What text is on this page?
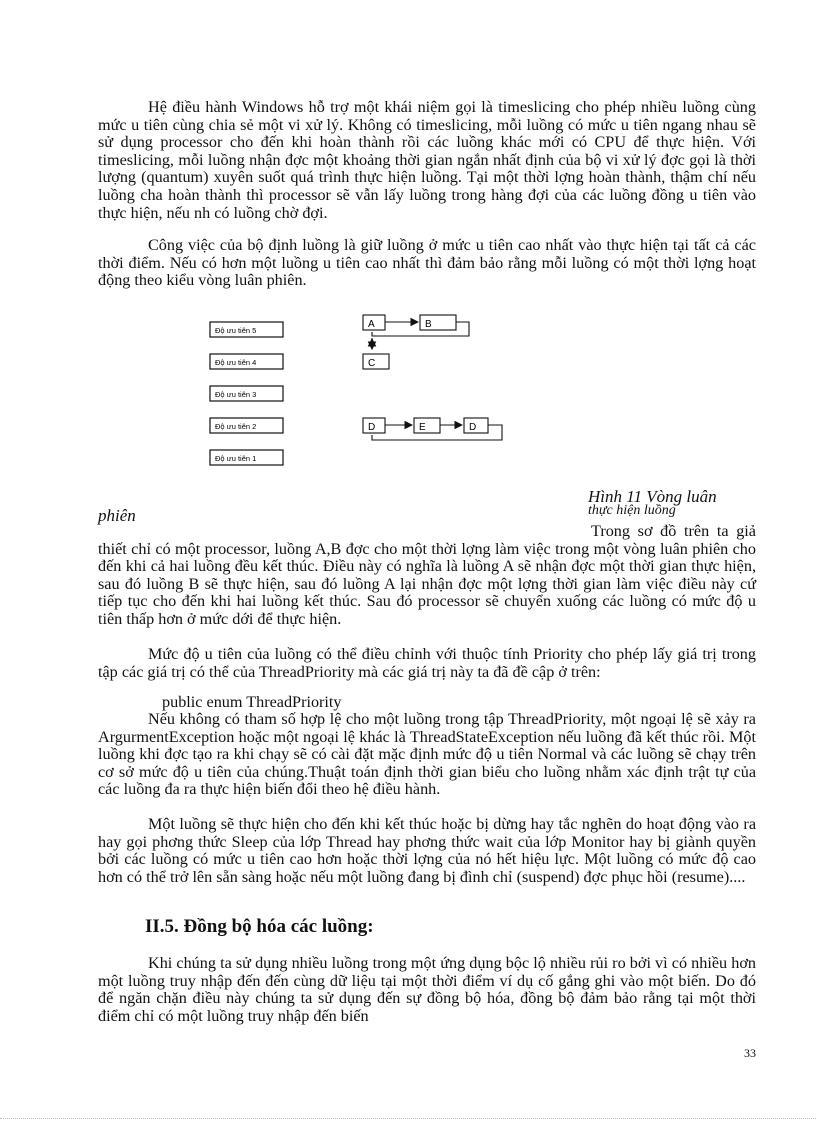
Hệ điều hành Windows hỗ trợ một khái niệm gọi là timeslicing cho phép nhiều luồng cùng mức u tiên cùng chia sẻ một vi xử lý. Không có timeslicing, mỗi luồng có mức u tiên ngang nhau sẽ sử dụng processor cho đến khi hoàn thành rồi các luồng khác mới có CPU để thực hiện. Với timeslicing, mỗi luồng nhận đợc một khoảng thời gian ngắn nhất định của bộ vi xử lý đợc gọi là thời lượng (quantum) xuyên suốt quá trình thực hiện luồng. Tại một thời lợng hoàn thành, thậm chí nếu luồng cha hoàn thành thì processor sẽ vẫn lấy luồng trong hàng đợi của các luồng đồng u tiên vào thực hiện, nếu nh có luồng chờ đợi.

Công việc của bộ định luồng là giữ luồng ở mức u tiên cao nhất vào thực hiện tại tất cả các thời điểm. Nếu có hơn một luồng u tiên cao nhất thì đảm bảo rằng mỗi luồng có một thời lợng hoạt động theo kiểu vòng luân phiên.

Độ ưu tiên 5
Độ ưu tiên 4
Độ ưu tiên 3
Độ ưu tiên 2
Độ ưu tiên 1
A	B
C
D	E	D

Hình 11 Vòng luân

phiên	thực hiện luồng

Trong sơ đồ trên ta giả thiết chỉ có một processor, luồng A,B đợc cho một thời lợng làm việc trong một vòng luân phiên cho đến khi cả hai luồng đều kết thúc. Điều này có nghĩa là luồng A sẽ nhận đợc một thời gian thực hiện, sau đó luồng B sẽ thực hiện, sau đó luồng A lại nhận đợc một lợng thời gian làm việc điều này cứ tiếp tục cho đến khi hai luồng kết thúc. Sau đó processor sẽ chuyển xuống các luồng có mức độ u tiên thấp hơn ở mức dới để thực hiện.

Mức độ u tiên của luồng có thể điều chỉnh với thuộc tính Priority cho phép lấy giá trị trong tập các giá trị có thể của ThreadPriority mà các giá trị này ta đã đề cập ở trên:

public enum ThreadPriority

Nếu không có tham số hợp lệ cho một luồng trong tập ThreadPriority, một ngoại lệ sẽ xảy ra ArgurmentException hoặc một ngoại lệ khác là ThreadStateException nếu luồng đã kết thúc rồi. Một luồng khi đợc tạo ra khi chạy sẽ có cài đặt mặc định mức độ u tiên Normal và các luồng sẽ chạy trên cơ sở mức độ u tiên của chúng.Thuật toán định thời gian biểu cho luồng nhằm xác định trật tự của các luồng đa ra thực hiện biến đổi theo hệ điều hành.

Một luồng sẽ thực hiện cho đến khi kết thúc hoặc bị dừng hay tắc nghẽn do hoạt động vào ra hay gọi phơng thức Sleep của lớp Thread hay phơng thức wait của lớp Monitor hay bị giành quyền bởi các luồng có mức u tiên cao hơn hoặc thời lợng của nó hết hiệu lực. Một luồng có mức độ cao hơn có thể trở lên sẵn sàng hoặc nếu một luồng đang bị đình chỉ (suspend) đợc phục hồi (resume)....

II.5. Đồng bộ hóa các luồng:

Khi chúng ta sử dụng nhiều luồng trong một ứng dụng bộc lộ nhiều rủi ro bởi vì có nhiều hơn một luồng truy nhập đến đến cùng dữ liệu tại một thời điểm ví dụ cố gắng ghi vào một biến. Do đó để ngăn chặn điều này chúng ta sử dụng đến sự đồng bộ hóa, đồng bộ đảm bảo rằng tại một thời điểm chỉ có một luồng truy nhập đến biến

33
